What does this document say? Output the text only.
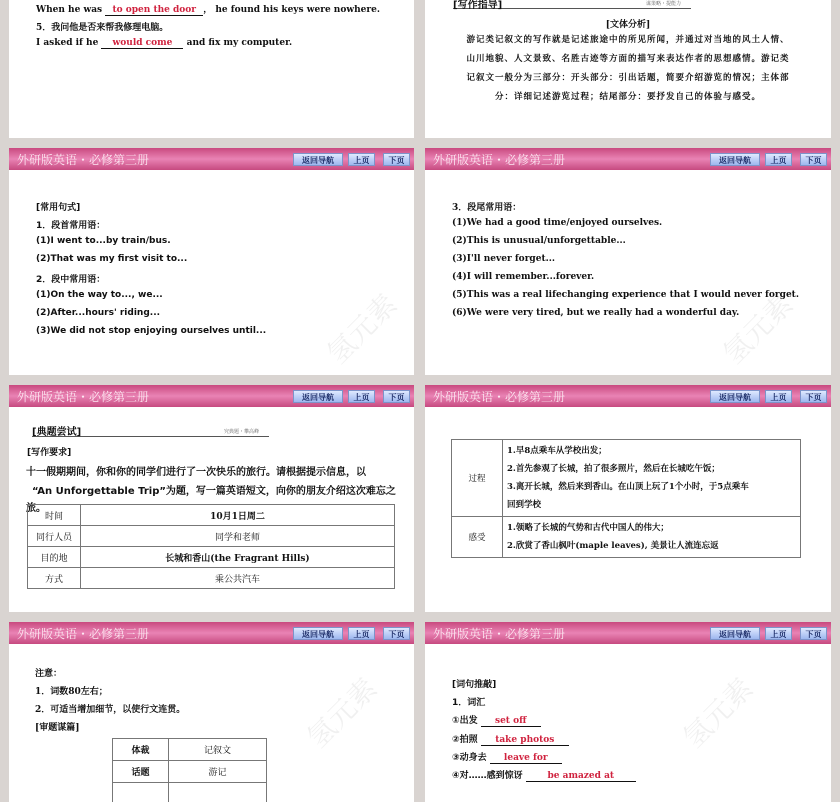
When he was to open the door ， he found his keys were nowhere.
5．我问他是否来帮我修理电脑。
I asked if he would come and fix my computer.
[写作指导]	谋策略・提能力
[文体分析]
游记类记叙文的写作就是记述旅途中的所见所闻，并通过对当地的风土人情、
山川地貌、人文景致、名胜古迹等方面的描写来表达作者的思想感情。游记类
记叙文一般分为三部分：开头部分：引出话题，简要介绍游览的情况；主体部
分：详细记述游览过程；结尾部分：要抒发自己的体验与感受。
外研版英语・必修第三册	返回导航	上页	下页
[常用句式]
1．段首常用语：
(1)I went to...by train/bus.
(2)That was my first visit to...
2．段中常用语：
(1)On the way to..., we...
(2)After...hours' riding...
(3)We did not stop enjoying ourselves until... 氢元素
外研版英语・必修第三册	返回导航	上页	下页
3．段尾常用语：
(1)We had a good time/enjoyed ourselves.
(2)This is unusual/unforgettable...
(3)I'll never forget...
(4)I will remember...forever.
(5)This was a real lifechanging experience that I would never forget.
(6)We were very tired, but we really had a wonderful day.
氢元素
外研版英语・必修第三册	返回导航	上页	下页
[典题尝试]	究典题・攀高峰
[写作要求]
十一假期期间，你和你的同学们进行了一次快乐的旅行。请根据提示信息，以
“An Unforgettable Trip”为题，写一篇英语短文，向你的朋友介绍这次难忘之
旅。
时间	10月1日周二
同行人员	同学和老师
目的地	长城和香山(the Fragrant Hills)
方式	乘公共汽车
外研版英语・必修第三册	返回导航	上页	下页
过程	1.早8点乘车从学校出发；
2.首先参观了长城，拍了很多照片，然后在长城吃午饭；
3.离开长城，然后来到香山。在山顶上玩了1个小时，于5点乘车
回到学校

感受	1.领略了长城的气势和古代中国人的伟大；
2.欣赏了香山枫叶(maple leaves), 美景让人流连忘返
外研版英语・必修第三册	返回导航	上页	下页
注意：
1．词数80左右；
2．可适当增加细节，以使行文连贯。
[审题谋篇]
体裁	记叙文
话题	游记

氢元素
外研版英语・必修第三册	返回导航	上页	下页
[词句推敲]
1．词汇
①出发 set off
②拍照 take photos
③动身去 leave for
④对……感到惊讶	be amazed at
氢元素
